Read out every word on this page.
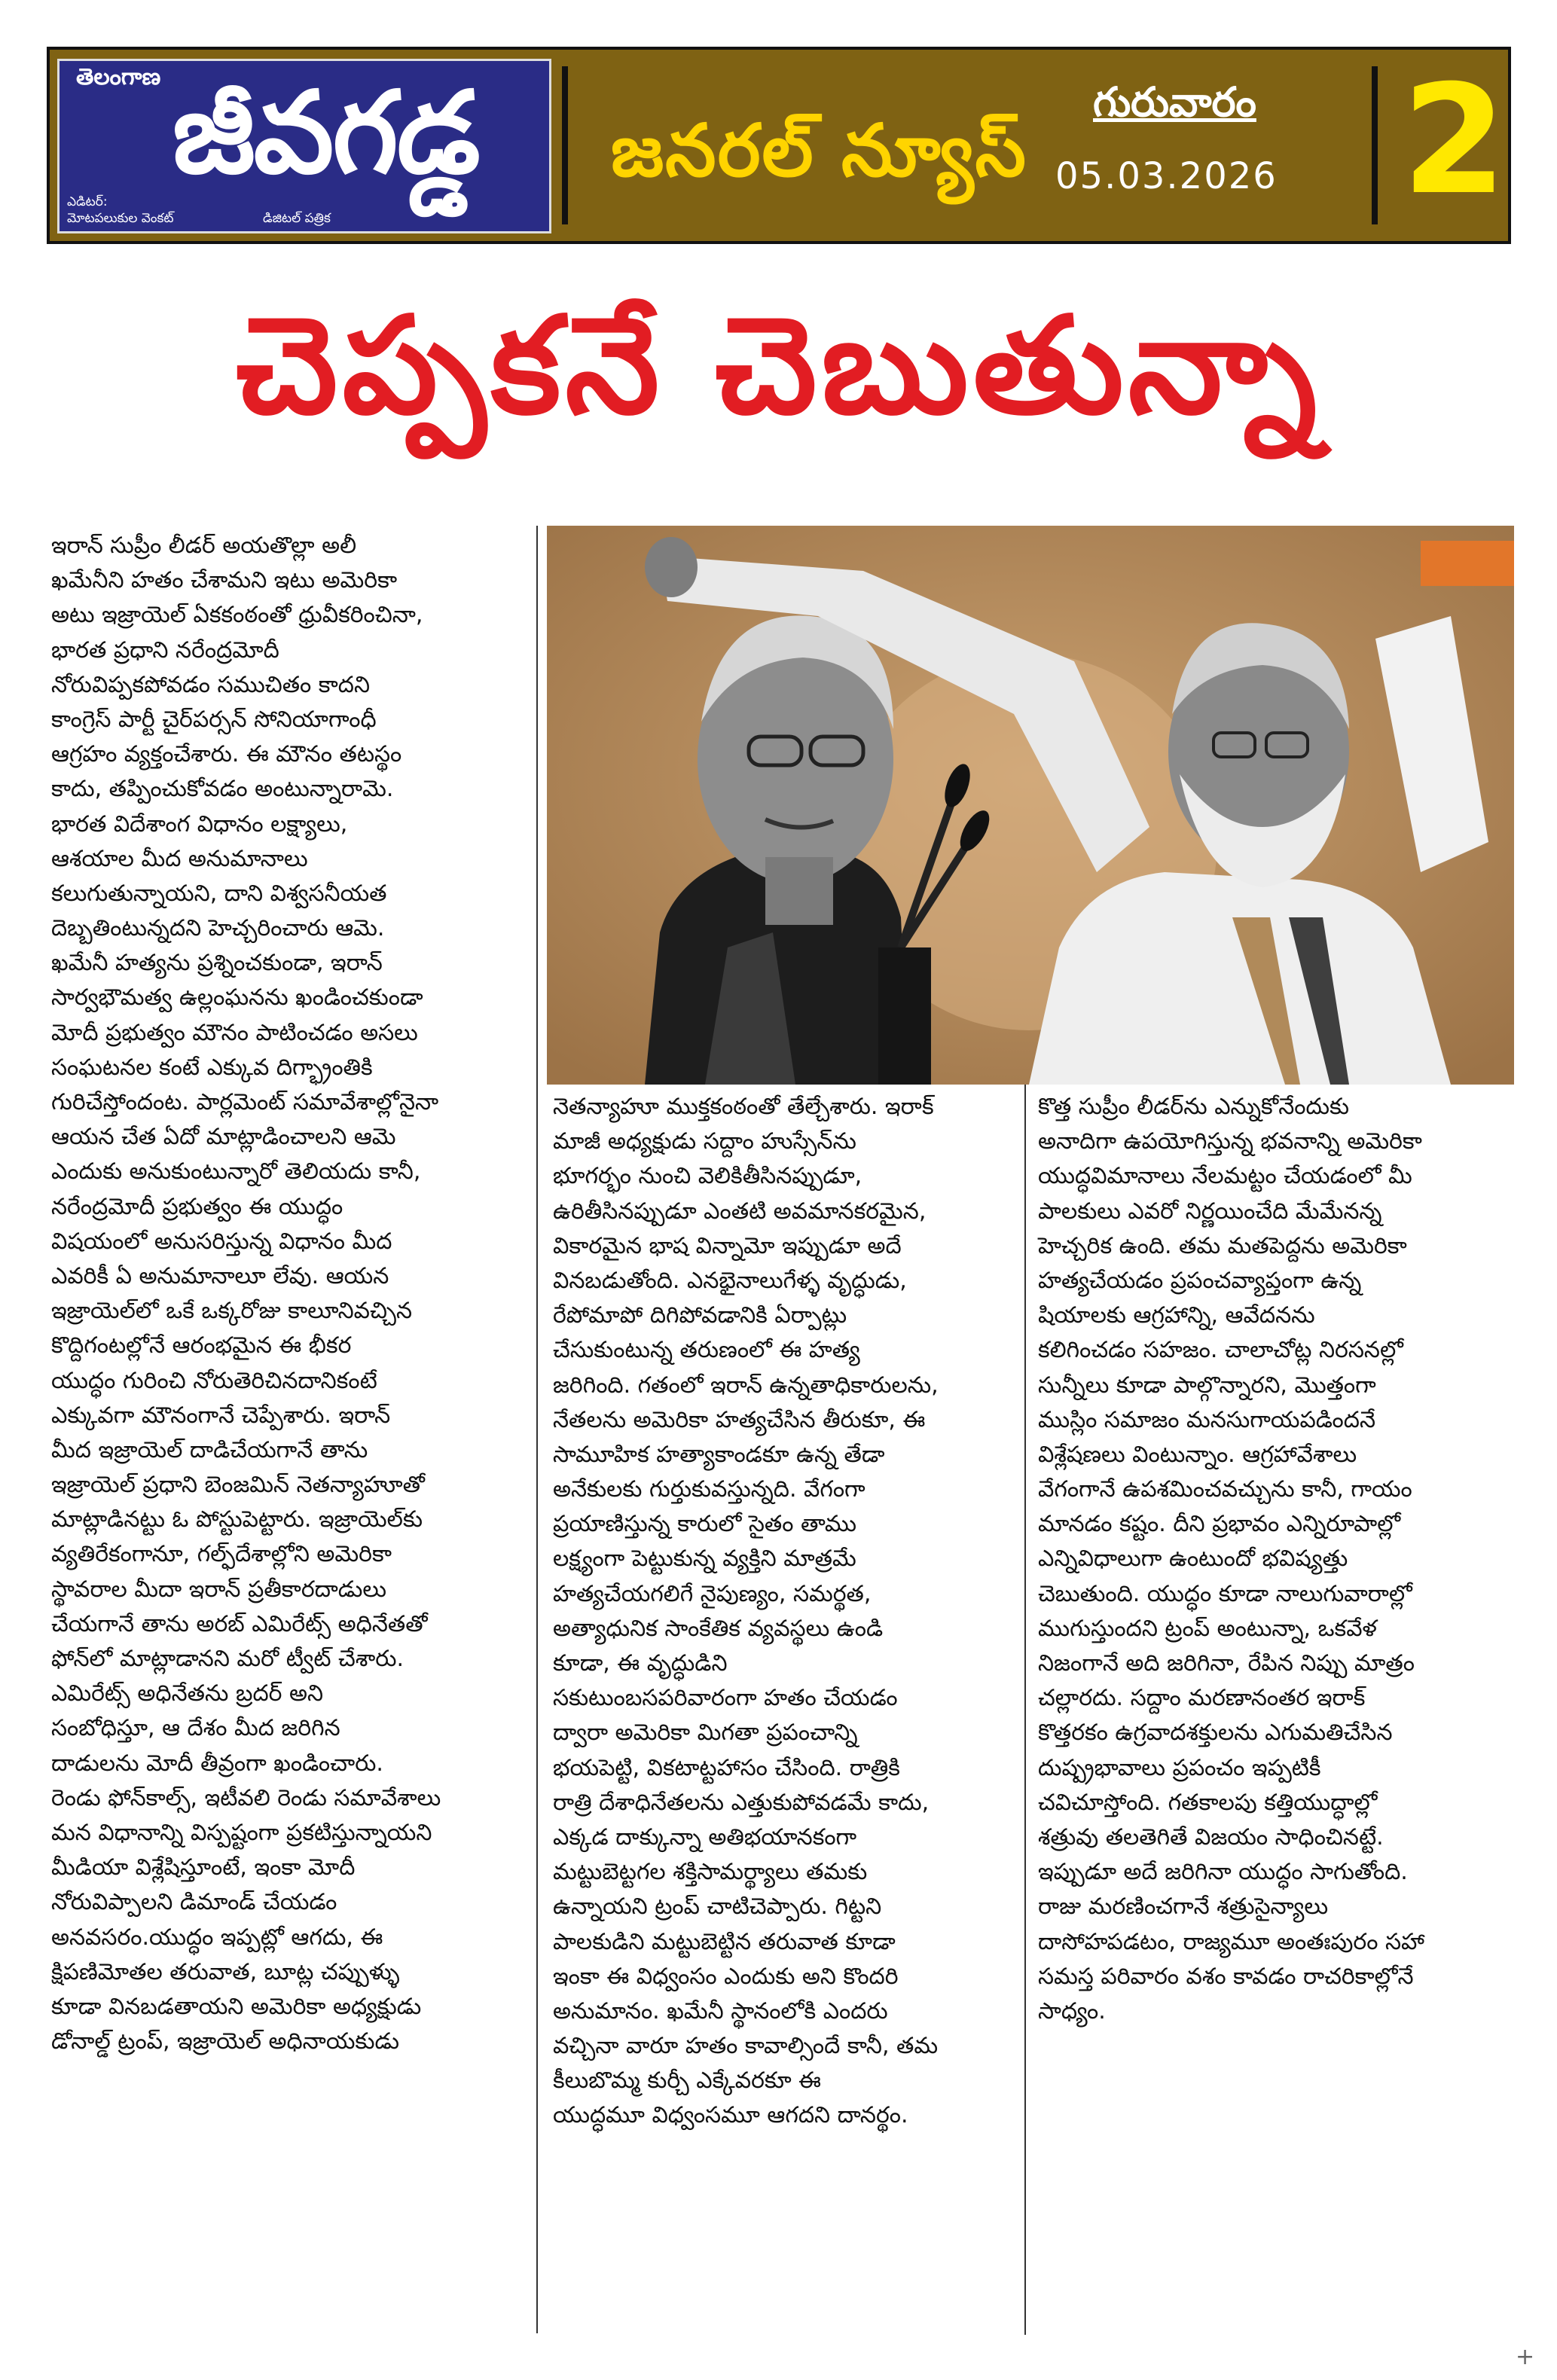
తెలంగాణ జీవగడ్డ
ఎడిటర్:
మోటపలుకుల వెంకట్	డిజిటల్ పత్రిక
జనరల్ న్యూస్
గురువారం
05.03.2026 2
చెప్పకనే చెబుతున్నా
ఇరాన్ సుప్రీం లీడర్ అయతొల్లా అలీ
ఖమేనీని హతం చేశామని ఇటు అమెరికా
అటు ఇజ్రాయెల్ ఏకకంఠంతో ధ్రువీకరించినా,
భారత ప్రధాని నరేంద్రమోదీ
నోరువిప్పకపోవడం సముచితం కాదని
కాంగ్రెస్ పార్టీ చైర్‌పర్సన్ సోనియాగాంధీ
ఆగ్రహం వ్యక్తంచేశారు. ఈ మౌనం తటస్థం
కాదు, తప్పించుకోవడం అంటున్నారామె.
భారత విదేశాంగ విధానం లక్ష్యాలు,
ఆశయాల మీద అనుమానాలు
కలుగుతున్నాయని, దాని విశ్వసనీయత
దెబ్బతింటున్నదని హెచ్చరించారు ఆమె.
ఖమేనీ హత్యను ప్రశ్నించకుండా, ఇరాన్
సార్వభౌమత్వ ఉల్లంఘనను ఖండించకుండా
మోదీ ప్రభుత్వం మౌనం పాటించడం అసలు
సంఘటనల కంటే ఎక్కువ దిగ్భ్రాంతికి
గురిచేస్తోందంట. పార్లమెంట్ సమావేశాల్లోనైనా
ఆయన చేత ఏదో మాట్లాడించాలని ఆమె
ఎందుకు అనుకుంటున్నారో తెలియదు కానీ,
నరేంద్రమోదీ ప్రభుత్వం ఈ యుద్ధం
విషయంలో అనుసరిస్తున్న విధానం మీద
ఎవరికీ ఏ అనుమానాలూ లేవు. ఆయన
ఇజ్రాయెల్‌లో ఒకే ఒక్కరోజు కాలూనివచ్చిన
కొద్దిగంటల్లోనే ఆరంభమైన ఈ భీకర
యుద్ధం గురించి నోరుతెరిచినదానికంటే
ఎక్కువగా మౌనంగానే చెప్పేశారు. ఇరాన్
మీద ఇజ్రాయెల్ దాడిచేయగానే తాను
ఇజ్రాయెల్ ప్రధాని బెంజమిన్ నెతన్యాహూతో
మాట్లాడినట్టు ఓ పోస్టుపెట్టారు. ఇజ్రాయెల్‌కు
వ్యతిరేకంగానూ, గల్ఫ్‌దేశాల్లోని అమెరికా
స్థావరాల మీదా ఇరాన్ ప్రతీకారదాడులు
చేయగానే తాను అరబ్ ఎమిరేట్స్ అధినేతతో
ఫోన్‌లో మాట్లాడానని మరో ట్వీట్ చేశారు.
ఎమిరేట్స్ అధినేతను బ్రదర్ అని
సంబోధిస్తూ, ఆ దేశం మీద జరిగిన
దాడులను మోదీ తీవ్రంగా ఖండించారు.
రెండు ఫోన్‌కాల్స్, ఇటీవలి రెండు సమావేశాలు
మన విధానాన్ని విస్పష్టంగా ప్రకటిస్తున్నాయని
మీడియా విశ్లేషిస్తూంటే, ఇంకా మోదీ
నోరువిప్పాలని డిమాండ్ చేయడం
అనవసరం.యుద్ధం ఇప్పట్లో ఆగదు, ఈ
క్షిపణిమోతల తరువాత, బూట్ల చప్పుళ్ళు
కూడా వినబడతాయని అమెరికా అధ్యక్షుడు
డోనాల్డ్ ట్రంప్, ఇజ్రాయెల్ అధినాయకుడు
నెతన్యాహూ ముక్తకంఠంతో తేల్చేశారు. ఇరాక్
మాజీ అధ్యక్షుడు సద్దాం హుస్సేన్‌ను
భూగర్భం నుంచి వెలికితీసినప్పుడూ,
ఉరితీసినప్పుడూ ఎంతటి అవమానకరమైన,
వికారమైన భాష విన్నామో ఇప్పుడూ అదే
వినబడుతోంది. ఎనభైనాలుగేళ్ళ వృద్ధుడు,
రేపోమాపో దిగిపోవడానికి ఏర్పాట్లు
చేసుకుంటున్న తరుణంలో ఈ హత్య
జరిగింది. గతంలో ఇరాన్ ఉన్నతాధికారులను,
నేతలను అమెరికా హత్యచేసిన తీరుకూ, ఈ
సామూహిక హత్యాకాండకూ ఉన్న తేడా
అనేకులకు గుర్తుకువస్తున్నది. వేగంగా
ప్రయాణిస్తున్న కారులో సైతం తాము
లక్ష్యంగా పెట్టుకున్న వ్యక్తిని మాత్రమే
హత్యచేయగలిగే నైపుణ్యం, సమర్థత,
అత్యాధునిక సాంకేతిక వ్యవస్థలు ఉండి
కూడా, ఈ వృద్ధుడిని
సకుటుంబసపరివారంగా హతం చేయడం
ద్వారా అమెరికా మిగతా ప్రపంచాన్ని
భయపెట్టి, వికటాట్టహాసం చేసింది. రాత్రికి
రాత్రి దేశాధినేతలను ఎత్తుకుపోవడమే కాదు,
ఎక్కడ దాక్కున్నా అతిభయానకంగా
మట్టుబెట్టగల శక్తిసామర్థ్యాలు తమకు
ఉన్నాయని ట్రంప్ చాటిచెప్పారు. గిట్టని
పాలకుడిని మట్టుబెట్టిన తరువాత కూడా
ఇంకా ఈ విధ్వంసం ఎందుకు అని కొందరి
అనుమానం. ఖమేనీ స్థానంలోకి ఎందరు
వచ్చినా వారూ హతం కావాల్సిందే కానీ, తమ
కీలుబొమ్మ కుర్చీ ఎక్కేవరకూ ఈ
యుద్ధమూ విధ్వంసమూ ఆగదని దానర్థం.
కొత్త సుప్రీం లీడర్‌ను ఎన్నుకోనేందుకు
అనాదిగా ఉపయోగిస్తున్న భవనాన్ని అమెరికా
యుద్ధవిమానాలు నేలమట్టం చేయడంలో మీ
పాలకులు ఎవరో నిర్ణయించేది మేమేనన్న
హెచ్చరిక ఉంది. తమ మతపెద్దను అమెరికా
హత్యచేయడం ప్రపంచవ్యాప్తంగా ఉన్న
షియాలకు ఆగ్రహాన్ని, ఆవేదనను
కలిగించడం సహజం. చాలాచోట్ల నిరసనల్లో
సున్నీలు కూడా పాల్గొన్నారని, మొత్తంగా
ముస్లిం సమాజం మనసుగాయపడిందనే
విశ్లేషణలు వింటున్నాం. ఆగ్రహావేశాలు
వేగంగానే ఉపశమించవచ్చును కానీ, గాయం
మానడం కష్టం. దీని ప్రభావం ఎన్నిరూపాల్లో
ఎన్నివిధాలుగా ఉంటుందో భవిష్యత్తు
చెబుతుంది. యుద్ధం కూడా నాలుగువారాల్లో
ముగుస్తుందని ట్రంప్ అంటున్నా, ఒకవేళ
నిజంగానే అది జరిగినా, రేపిన నిప్పు మాత్రం
చల్లారదు. సద్దాం మరణానంతర ఇరాక్
కొత్తరకం ఉగ్రవాదశక్తులను ఎగుమతిచేసిన
దుష్ప్రభావాలు ప్రపంచం ఇప్పటికీ
చవిచూస్తోంది. గతకాలపు కత్తియుద్ధాల్లో
శత్రువు తలతెగితే విజయం సాధించినట్టే.
ఇప్పుడూ అదే జరిగినా యుద్ధం సాగుతోంది.
రాజు మరణించగానే శత్రుసైన్యాలు
దాసోహపడటం, రాజ్యమూ అంతఃపురం సహా
సమస్త పరివారం వశం కావడం రాచరికాల్లోనే
సాధ్యం.
+
